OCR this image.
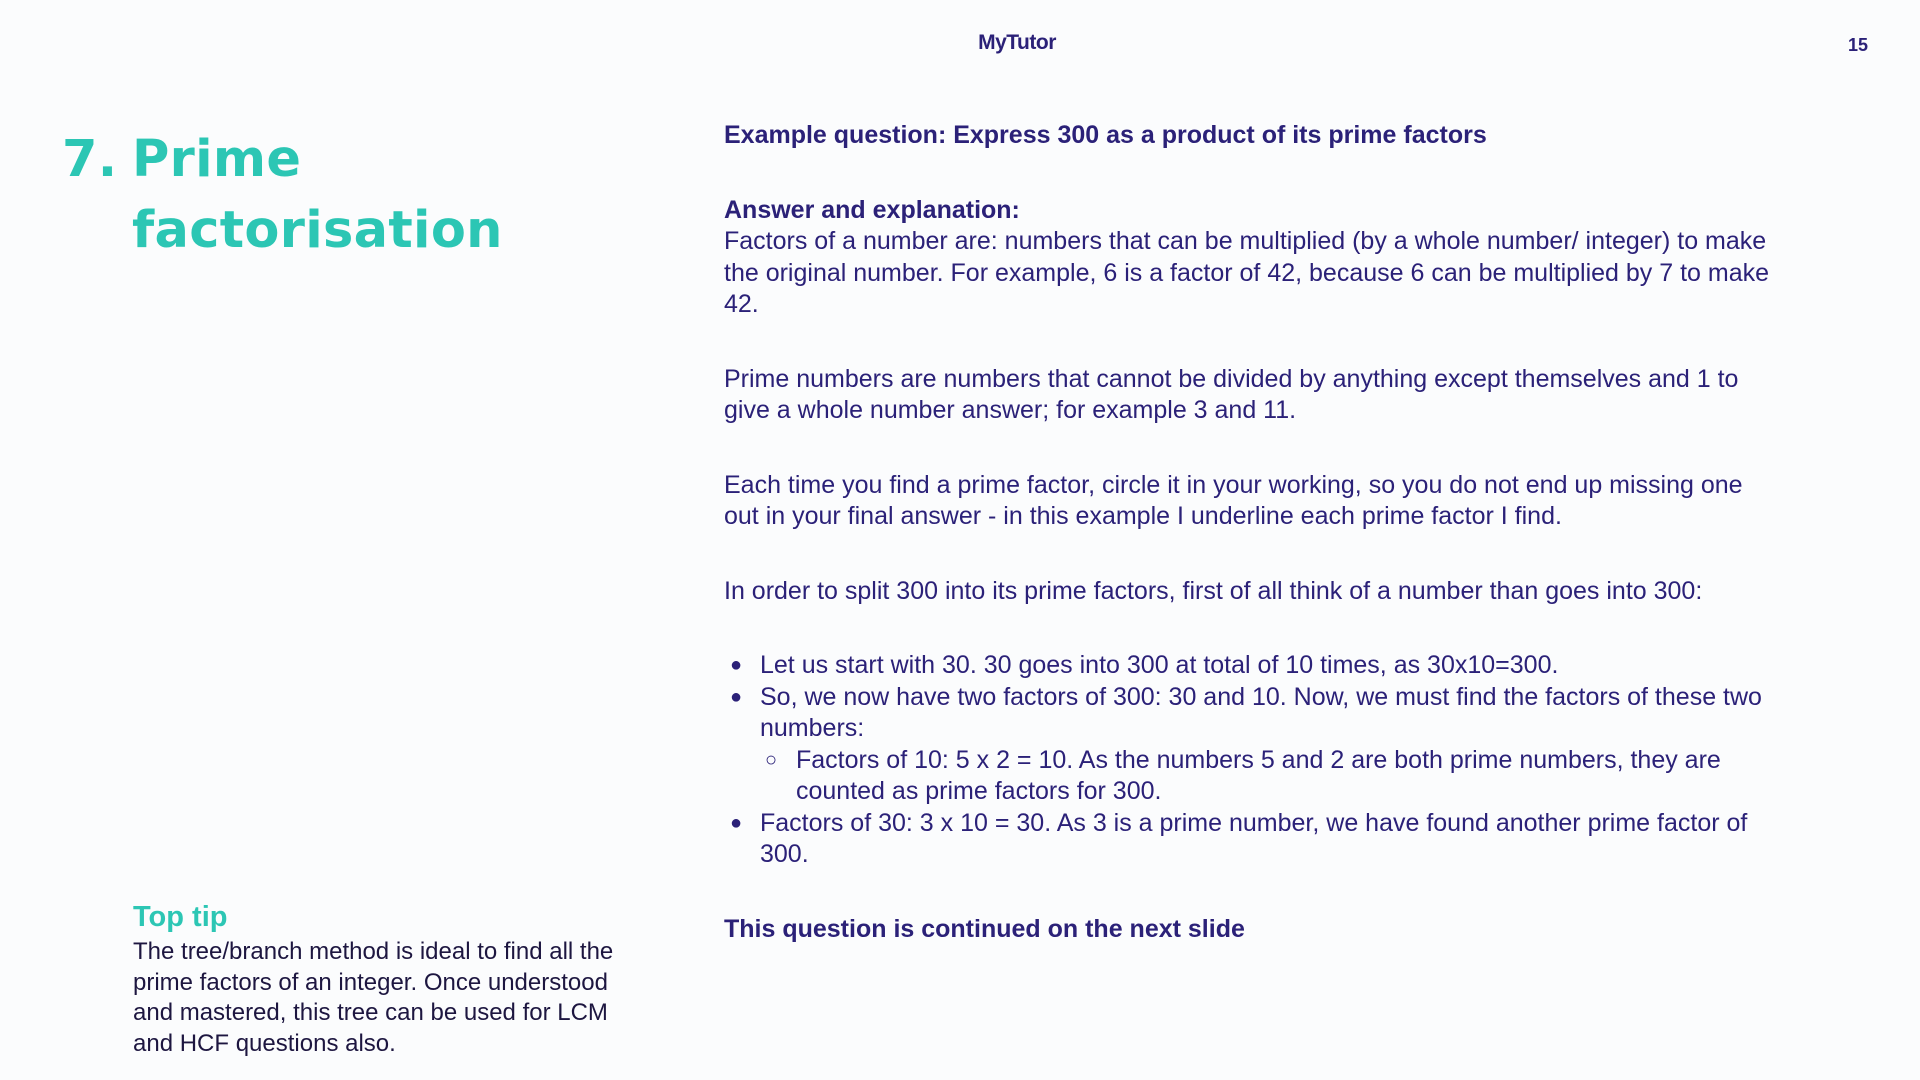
MyTutor	15
7. Prime
factorisation
Top tip
The tree/branch method is ideal to find all the prime factors of an integer. Once understood and mastered, this tree can be used for LCM and HCF questions also.

Example question: Express 300 as a product of its prime factors

Answer and explanation:

Factors of a number are: numbers that can be multiplied (by a whole number/ integer) to make the original number. For example, 6 is a factor of 42, because 6 can be multiplied by 7 to make 42.

Prime numbers are numbers that cannot be divided by anything except themselves and 1 to give a whole number answer; for example 3 and 11.

Each time you find a prime factor, circle it in your working, so you do not end up missing one out in your final answer - in this example I underline each prime factor I find.

In order to split 300 into its prime factors, first of all think of a number than goes into 300:

● Let us start with 30. 30 goes into 300 at total of 10 times, as 30x10=300.
● So, we now have two factors of 300: 30 and 10. Now, we must find the factors of these two numbers:
○ Factors of 10: 5 x 2 = 10. As the numbers 5 and 2 are both prime numbers, they are counted as prime factors for 300.
● Factors of 30: 3 x 10 = 30. As 3 is a prime number, we have found another prime factor of 300.

This question is continued on the next slide
